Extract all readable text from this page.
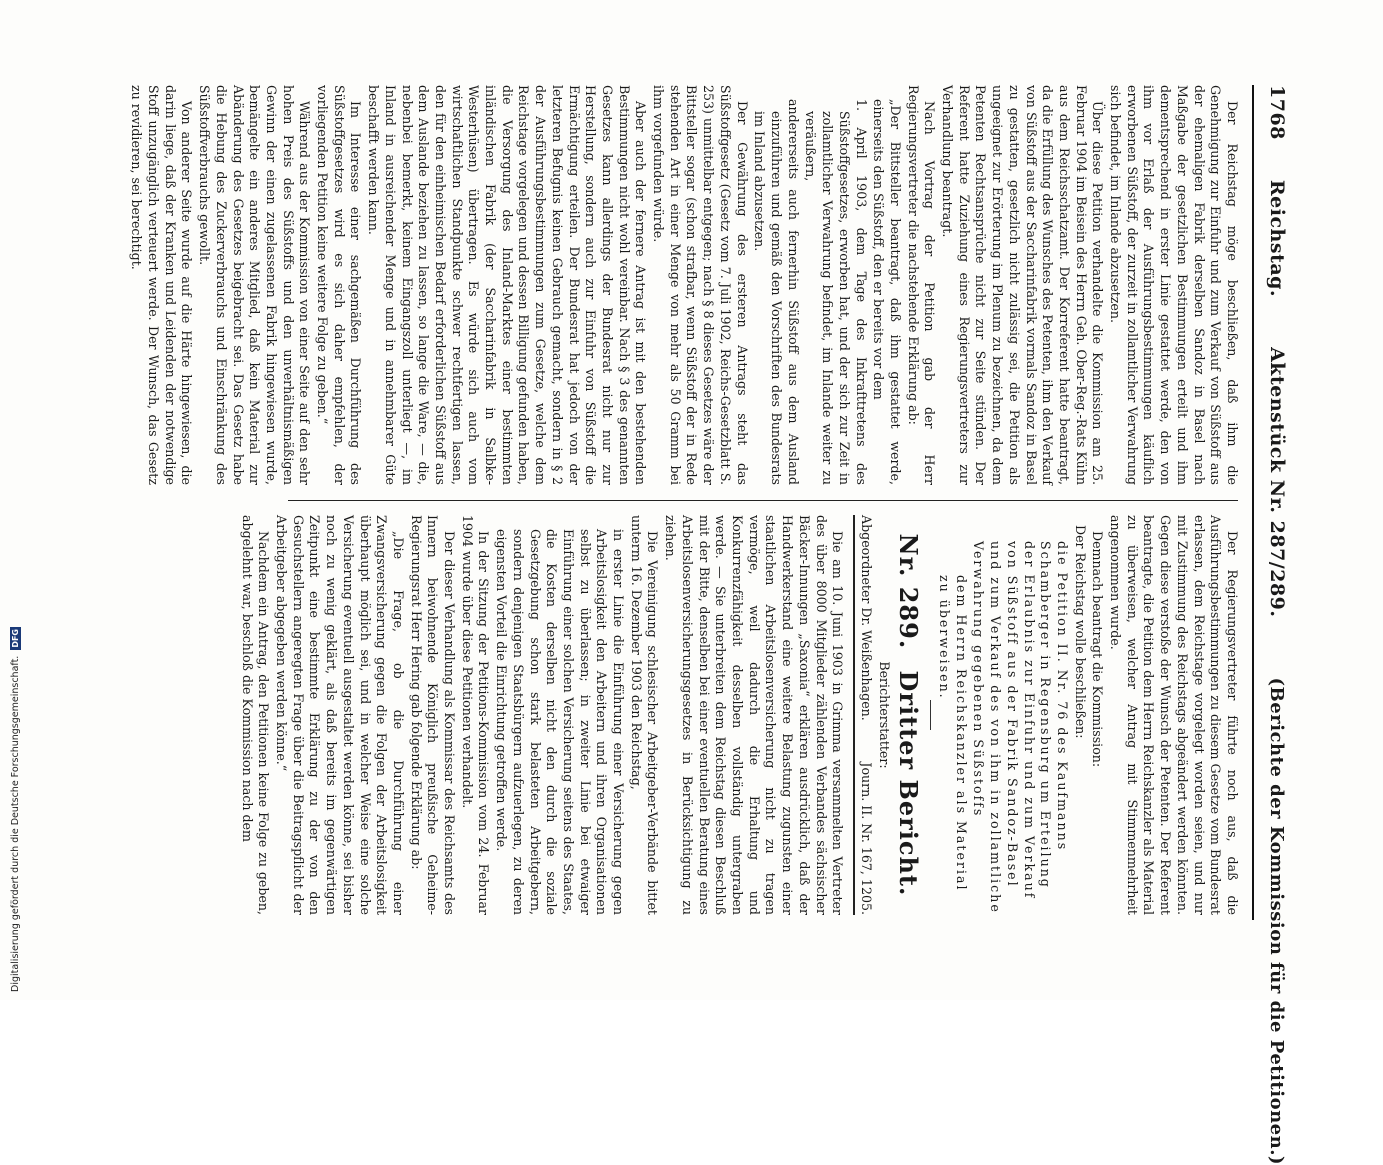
1768
Reichstag.
Aktenstück Nr. 287/289.
(Berichte der Kommission für die Petitionen.)

Der Reichstag möge beschließen, daß ihm die Genehmigung zur Einfuhr und zum Verkauf von Süßstoff aus der ehemaligen Fabrik derselben Sandoz in Basel nach Maßgabe der gesetzlichen Bestimmungen erteilt und ihm dementsprechend in erster Linie gestattet werde, den von ihm vor Erlaß der Ausführungsbestimmungen käuflich erworbenen Süßstoff, der zurzeit in zollamtlicher Verwahrung sich befindet, im Inlande abzusetzen.

Über diese Petition verhandelte die Kommission am 25. Februar 1904 im Beisein des Herrn Geh. Ober-Reg.-Rats Kühn aus dem Reichsschatzamt. Der Korreferent hatte beantragt, da die Erfüllung des Wunsches des Petenten, ihm den Verkauf von Süßstoff aus der Saccharinfabrik vormals Sandoz in Basel zu gestatten, gesetzlich nicht zulässig sei, die Petition als ungeeignet zur Erörterung im Plenum zu bezeichnen, da dem Petenten Rechtsansprüche nicht zur Seite stünden. Der Referent hatte Zuziehung eines Regierungsvertreters zur Verhandlung beantragt.

Nach Vortrag der Petition gab der Herr Regierungsvertreter die nachstehende Erklärung ab:

„Der Bittsteller beantragt, daß ihm gestattet werde, einerseits den Süßstoff, den er bereits vor dem

1. April 1903, dem Tage des Inkrafttretens des Süßstoffgesetzes, erworben hat, und der sich zur Zeit in zollamtlicher Verwahrung befindet, im Inlande weiter zu veräußern,

andererseits auch fernerhin Süßstoff aus dem Ausland einzuführen und gemäß den Vorschriften des Bundesrats im Inland abzusetzen.

Der Gewährung des ersteren Antrags steht das Süßstoffgesetz (Gesetz vom 7. Juli 1902, Reichs-Gesetzblatt S. 253) unmittelbar entgegen; nach § 8 dieses Gesetzes wäre der Bittsteller sogar (schon strafbar, wenn Süßstoff der in Rede stehenden Art in einer Menge von mehr als 50 Gramm bei ihm vorgefunden würde.

Aber auch der fernere Antrag ist mit den bestehenden Bestimmungen nicht wohl vereinbar. Nach § 3 des genannten Gesetzes kann allerdings der Bundesrat nicht nur zur Herstellung, sondern auch zur Einfuhr von Süßstoff die Ermächtigung erteilen. Der Bundesrat hat jedoch von der letzteren Befugnis keinen Gebrauch gemacht, sondern in § 2 der Ausführungsbestimmungen zum Gesetze, welche dem Reichstage vorgelegen und dessen Billigung gefunden haben, die Versorgung des Inland-Marktes einer bestimmten inländischen Fabrik (der Saccharinfabrik in Salbke-Westerhüsen) übertragen. Es würde sich auch vom wirtschaftlichen Standpunkte schwer rechtfertigen lassen, den für den einheimischen Bedarf erforderlichen Süßstoff aus dem Auslande beziehen zu lassen, so lange die Ware, — die, nebenbei bemerkt, keinem Eingangszoll unterliegt —, im Inland in ausreichender Menge und in annehmbarer Güte beschafft werden kann.

Im Interesse einer sachgemäßen Durchführung des Süßstoffgesetzes wird es sich daher empfehlen, der vorliegenden Petition keine weitere Folge zu geben.“

Während aus der Kommission von einer Seite auf den sehr hohen Preis des Süßstoffs und den unverhältnismäßigen Gewinn der einen zugelassenen Fabrik hingewiesen wurde, bemängelte ein anderes Mitglied, daß kein Material zur Abänderung des Gesetzes beigebracht sei. Das Gesetz habe die Hebung des Zuckerverbrauchs und Einschränkung des Süßstoffverbrauchs gewollt.

Von anderer Seite wurde auf die Härte hingewiesen, die darin liege, daß der Kranken und Leidenden der notwendige Stoff unzugänglich verteuert werde. Der Wunsch, das Gesetz zu revidieren, sei berechtigt.

Der Regierungsvertreter führte noch aus, daß die Ausführungsbestimmungen zu diesem Gesetze vom Bundesrat erlassen, dem Reichstage vorgelegt worden seien, und nur mit Zustimmung des Reichstags abgeändert werden könnten. Gegen diese verstoße der Wunsch der Petenten. Der Referent beantragte, die Petition dem Herrn Reichskanzler als Material zu überweisen, welcher Antrag mit Stimmenmehrheit angenommen wurde.

Demnach beantragt die Kommission:

Der Reichstag wolle beschließen:

die Petition II. Nr. 76 des Kaufmanns Schamberger in Regensburg um Erteilung der Erlaubnis zur Einfuhr und zum Verkauf von Süßstoff aus der Fabrik Sandoz-Basel und zum Verkauf des von ihm in zollamtliche Verwahrung gegebenen Süßstoffs

dem Herrn Reichskanzler als Material zu überweisen.

Nr. 289. Dritter Bericht.

Berichterstatter:

Abgeordneter Dr. Weißenhagen.
Journ. II. Nr. 167, 1205.

Die am 10. Juni 1903 in Grimma versammelten Vertreter des über 8000 Mitglieder zählenden Verbandes sächsischer Bäcker-Innungen „Saxonia“ erklären ausdrücklich, daß der Handwerkerstand eine weitere Belastung zugunsten einer staatlichen Arbeitslosenversicherung nicht zu tragen vermöge, weil dadurch die Erhaltung und Konkurrenzfähigkeit desselben vollständig untergraben werde. — Sie unterbreiten dem Reichstag diesen Beschluß mit der Bitte, denselben bei einer eventuellen Beratung eines Arbeitslosenversicherungsgesetzes in Berücksichtigung zu ziehen.

Die Vereinigung schlesischer Arbeitgeber-Verbände bittet unterm 16. Dezember 1903 den Reichstag,

in erster Linie die Einführung einer Versicherung gegen Arbeitslosigkeit den Arbeitern und ihren Organisationen selbst zu überlassen; in zweiter Linie bei etwaiger Einführung einer solchen Versicherung seitens des Staates, die Kosten derselben nicht den durch die soziale Gesetzgebung schon stark belasteten Arbeitgebern, sondern denjenigen Staatsbürgern aufzuerlegen, zu deren eigensten Vorteil die Einrichtung getroffen werde.

In der Sitzung der Petitions-Kommission vom 24. Februar 1904 wurde über diese Petitionen verhandelt.

Der dieser Verhandlung als Kommissar des Reichsamts des Innern beiwohnende Königlich preußische Geheime-Regierungsrat Herr Hering gab folgende Erklärung ab:

„Die Frage, ob die Durchführung einer Zwangsversicherung gegen die Folgen der Arbeitslosigkeit überhaupt möglich sei, und in welcher Weise eine solche Versicherung eventuell ausgestaltet werden könne, sei bisher noch zu wenig geklärt, als daß bereits im gegenwärtigen Zeitpunkt eine bestimmte Erklärung zu der von den Gesuchstellern angeregten Frage über die Beitragspflicht der Arbeitgeber abgegeben werden könne.“

Nachdem ein Antrag, den Petitionen keine Folge zu geben, abgelehnt war, beschloß die Kommission nach dem

Digitalisierung gefördert durch die Deutsche Forschungsgemeinschaft.
DFG
